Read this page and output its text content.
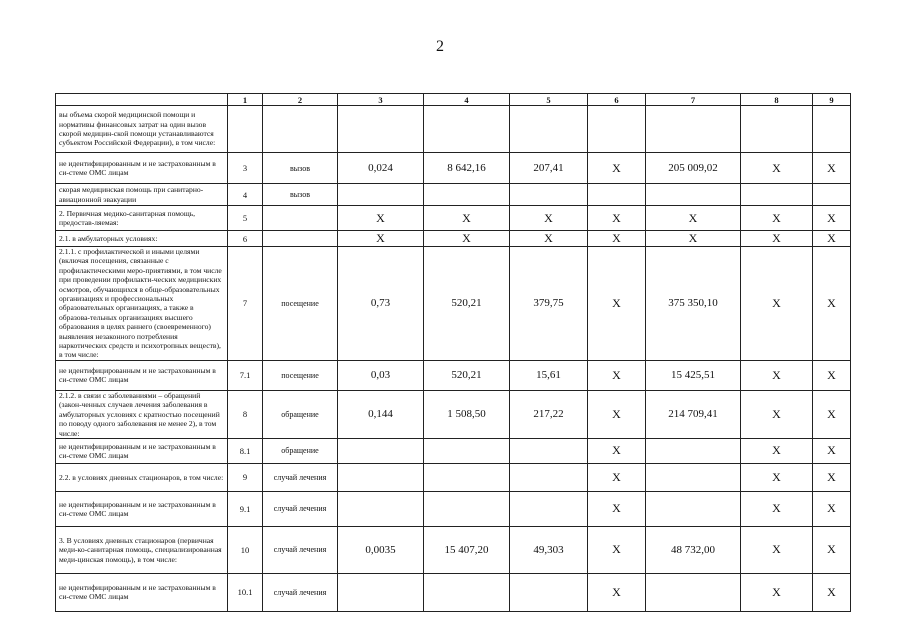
2
	1	2	3	4	5	6	7	8	9
вы объема скорой медицинской помощи и нормативы финансовых затрат на один вызов скорой медицин-ской помощи устанавливаются субъектом Российской Федерации), в том числе:									
не идентифицированным и не застрахованным в си-стеме ОМС лицам	3	вызов	0,024	8 642,16	207,41	X	205 009,02	X	X
скорая медицинская помощь при санитарно-авиационной эвакуации	4	вызов							
2. Первичная медико-санитарная помощь, предостав-ляемая:	5		X	X	X	X	X	X	X
2.1. в амбулаторных условиях:	6		X	X	X	X	X	X	X
2.1.1. с профилактической и иными целями (включая посещения, связанные с профилактическими меро-приятиями, в том числе при проведении профилакти-ческих медицинских осмотров, обучающихся в обще-образовательных организациях и профессиональных образовательных организациях, а также в образова-тельных организациях высшего образования в целях раннего (своевременного) выявления незаконного потребления наркотических средств и психотропных веществ), в том числе:	7	посещение	0,73	520,21	379,75	X	375 350,10	X	X
не идентифицированным и не застрахованным в си-стеме ОМС лицам	7.1	посещение	0,03	520,21	15,61	X	15 425,51	X	X
2.1.2. в связи с заболеваниями – обращений (закон-ченных случаев лечения заболевания в амбулаторных условиях с кратностью посещений по поводу одного заболевания не менее 2), в том числе:	8	обращение	0,144	1 508,50	217,22	X	214 709,41	X	X
не идентифицированным и не застрахованным в си-стеме ОМС лицам	8.1	обращение				X		X	X
2.2. в условиях дневных стационаров, в том числе:	9	случай лечения				X		X	X
не идентифицированным и не застрахованным в си-стеме ОМС лицам	9.1	случай лечения				X		X	X
3. В условиях дневных стационаров (первичная меди-ко-санитарная помощь, специализированная меди-цинская помощь), в том числе:	10	случай лечения	0,0035	15 407,20	49,303	X	48 732,00	X	X
не идентифицированным и не застрахованным в си-стеме ОМС лицам	10.1	случай лечения				X		X	X
